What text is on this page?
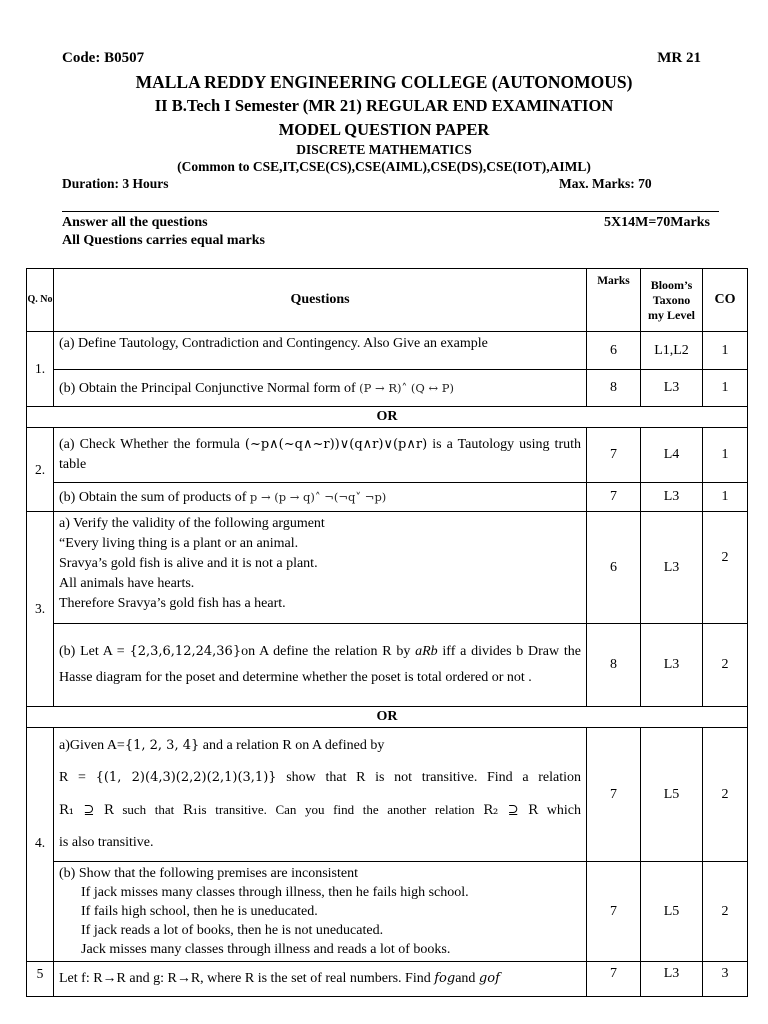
Code: B0507	MR 21
MALLA REDDY ENGINEERING COLLEGE (AUTONOMOUS)
II B.Tech I Semester (MR 21) REGULAR END EXAMINATION
MODEL QUESTION PAPER
DISCRETE MATHEMATICS
(Common to CSE,IT,CSE(CS),CSE(AIML),CSE(DS),CSE(IOT),AIML)
Duration: 3 Hours	Max. Marks: 70
Answer all the questions
All Questions carries equal marks
5X14M=70Marks
Q. No	Questions	Marks	Bloom’s Taxono my Level	CO
1.	(a) Define Tautology, Contradiction and Contingency. Also Give an example	6	L1,L2	1
	(b) Obtain the Principal Conjunctive Normal form of (P → R)˄ (Q ↔ P)	8	L3	1
OR				
2.	(a) Check Whether the formula (~p∧(~q∧~r))∨(q∧r)∨(p∧r) is a Tautology using truth table	7	L4	1
	(b) Obtain the sum of products of p → (p → q)˄ ¬(¬q˅ ¬p)	7	L3	1
3.	a) Verify the validity of the following argument
“Every living thing is a plant or an animal.
Sravya’s gold fish is alive and it is not a plant.
All animals have hearts.
Therefore Sravya’s gold fish has a heart.	6	L3	2
	(b) Let A = {2,3,6,12,24,36}on A define the relation R by aRb iff a divides b Draw the Hasse diagram for the poset and determine whether the poset is total ordered or not .	8	L3	2
OR				
4.	a)Given A={1, 2, 3, 4} and a relation R on A defined by
R = {(1, 2)(4,3)(2,2)(2,1)(3,1)} show that R is not transitive. Find a relation
R₁ ⊇ R such that R₁is transitive. Can you find the another relation R₂ ⊇ R which
is also transitive.	7	L5	2

	(b) Show that the following premises are inconsistent
If jack misses many classes through illness, then he fails high school.
If fails high school, then he is uneducated.
If jack reads a lot of books, then he is not uneducated.
Jack misses many classes through illness and reads a lot of books.	7	L5	2
5	Let f: R→R and g: R→R, where R is the set of real numbers. Find fogand gof	7	L3	3
